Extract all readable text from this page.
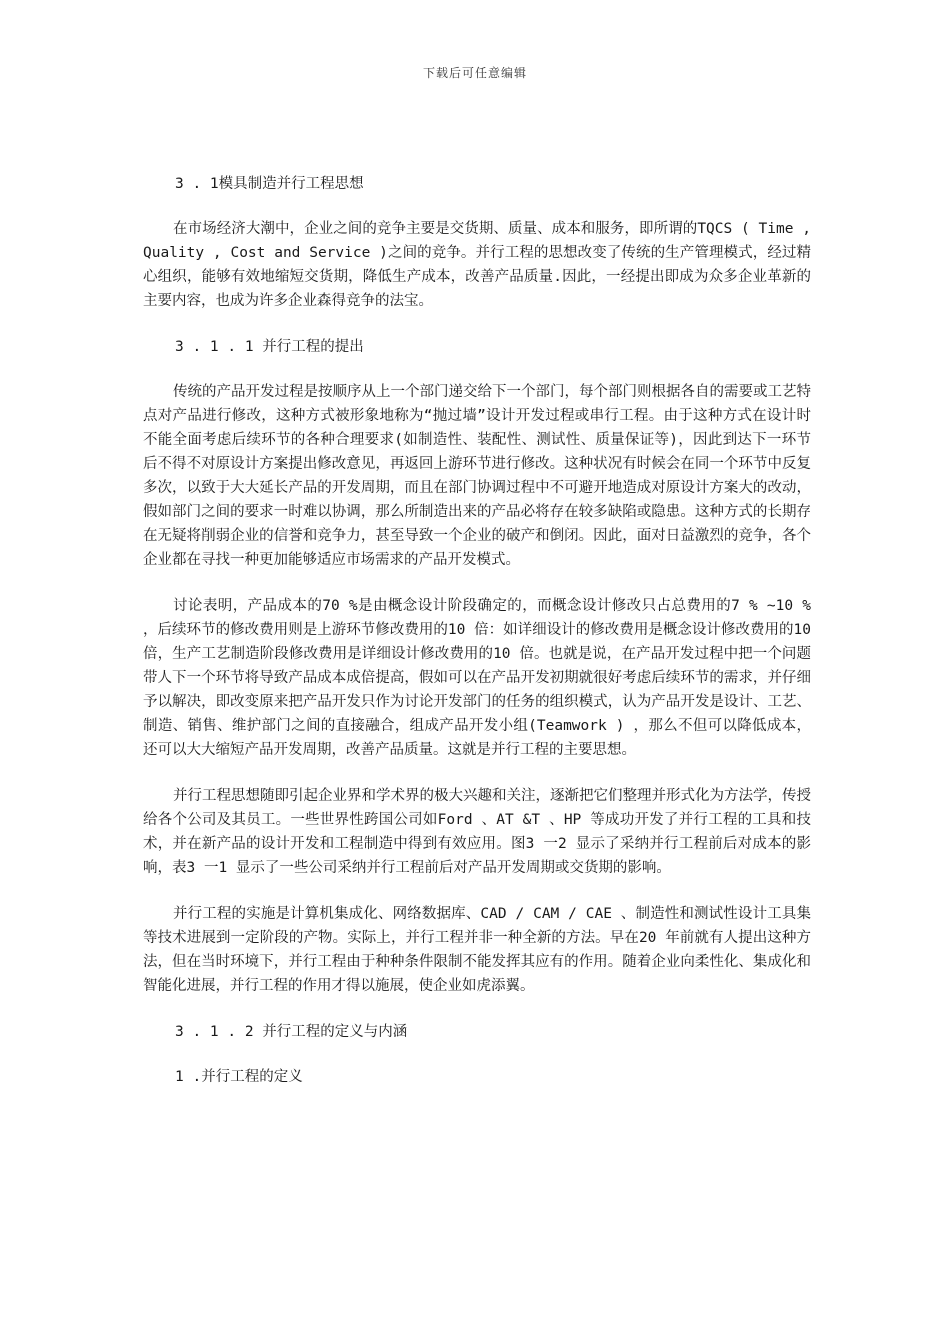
下载后可任意编辑

3 . 1模具制造并行工程思想

在市场经济大潮中，企业之间的竞争主要是交货期、质量、成本和服务，即所谓的TQCS ( Time , Quality , Cost and Service )之间的竞争。并行工程的思想改变了传统的生产管理模式，经过精心组织，能够有效地缩短交货期，降低生产成本，改善产品质量.因此，一经提出即成为众多企业革新的主要内容，也成为许多企业森得竞争的法宝。

3 . 1 . 1 并行工程的提出

传统的产品开发过程是按顺序从上一个部门递交给下一个部门，每个部门则根据各自的需要或工艺特点对产品进行修改，这种方式被形象地称为“抛过墙”设计开发过程或串行工程。由于这种方式在设计时不能全面考虑后续环节的各种合理要求(如制造性、装配性、测试性、质量保证等)，因此到达下一环节后不得不对原设计方案提出修改意见，再返回上游环节进行修改。这种状况有时候会在同一个环节中反复多次，以致于大大延长产品的开发周期，而且在部门协调过程中不可避开地造成对原设计方案大的改动，假如部门之间的要求一时难以协调，那么所制造出来的产品必将存在较多缺陷或隐患。这种方式的长期存在无疑将削弱企业的信誉和竞争力，甚至导致一个企业的破产和倒闭。因此，面对日益激烈的竞争，各个企业都在寻找一种更加能够适应市场需求的产品开发模式。

讨论表明，产品成本的70 %是由概念设计阶段确定的，而概念设计修改只占总费用的7 % ~10 % ，后续环节的修改费用则是上游环节修改费用的10 倍：如详细设计的修改费用是概念设计修改费用的10 倍，生产工艺制造阶段修改费用是详细设计修改费用的10 倍。也就是说，在产品开发过程中把一个问题带人下一个环节将导致产品成本成倍提高，假如可以在产品开发初期就很好考虑后续环节的需求，并仔细予以解决，即改变原来把产品开发只作为讨论开发部门的任务的组织模式，认为产品开发是设计、工艺、制造、销售、维护部门之间的直接融合，组成产品开发小组(Teamwork ) ，那么不但可以降低成本，还可以大大缩短产品开发周期，改善产品质量。这就是并行工程的主要思想。

并行工程思想随即引起企业界和学术界的极大兴趣和关注，逐渐把它们整理并形式化为方法学，传授给各个公司及其员工。一些世界性跨国公司如Ford 、AT &T 、HP 等成功开发了并行工程的工具和技术，并在新产品的设计开发和工程制造中得到有效应用。图3 一2 显示了采纳并行工程前后对成本的影响，表3 一1 显示了一些公司采纳并行工程前后对产品开发周期或交货期的影响。

并行工程的实施是计算机集成化、网络数据库、CAD / CAM / CAE 、制造性和测试性设计工具集等技术进展到一定阶段的产物。实际上，并行工程并非一种全新的方法。早在20 年前就有人提出这种方法，但在当时环境下，并行工程由于种种条件限制不能发挥其应有的作用。随着企业向柔性化、集成化和智能化进展，并行工程的作用才得以施展，使企业如虎添翼。

3 . 1 . 2 并行工程的定义与内涵

1 .并行工程的定义
